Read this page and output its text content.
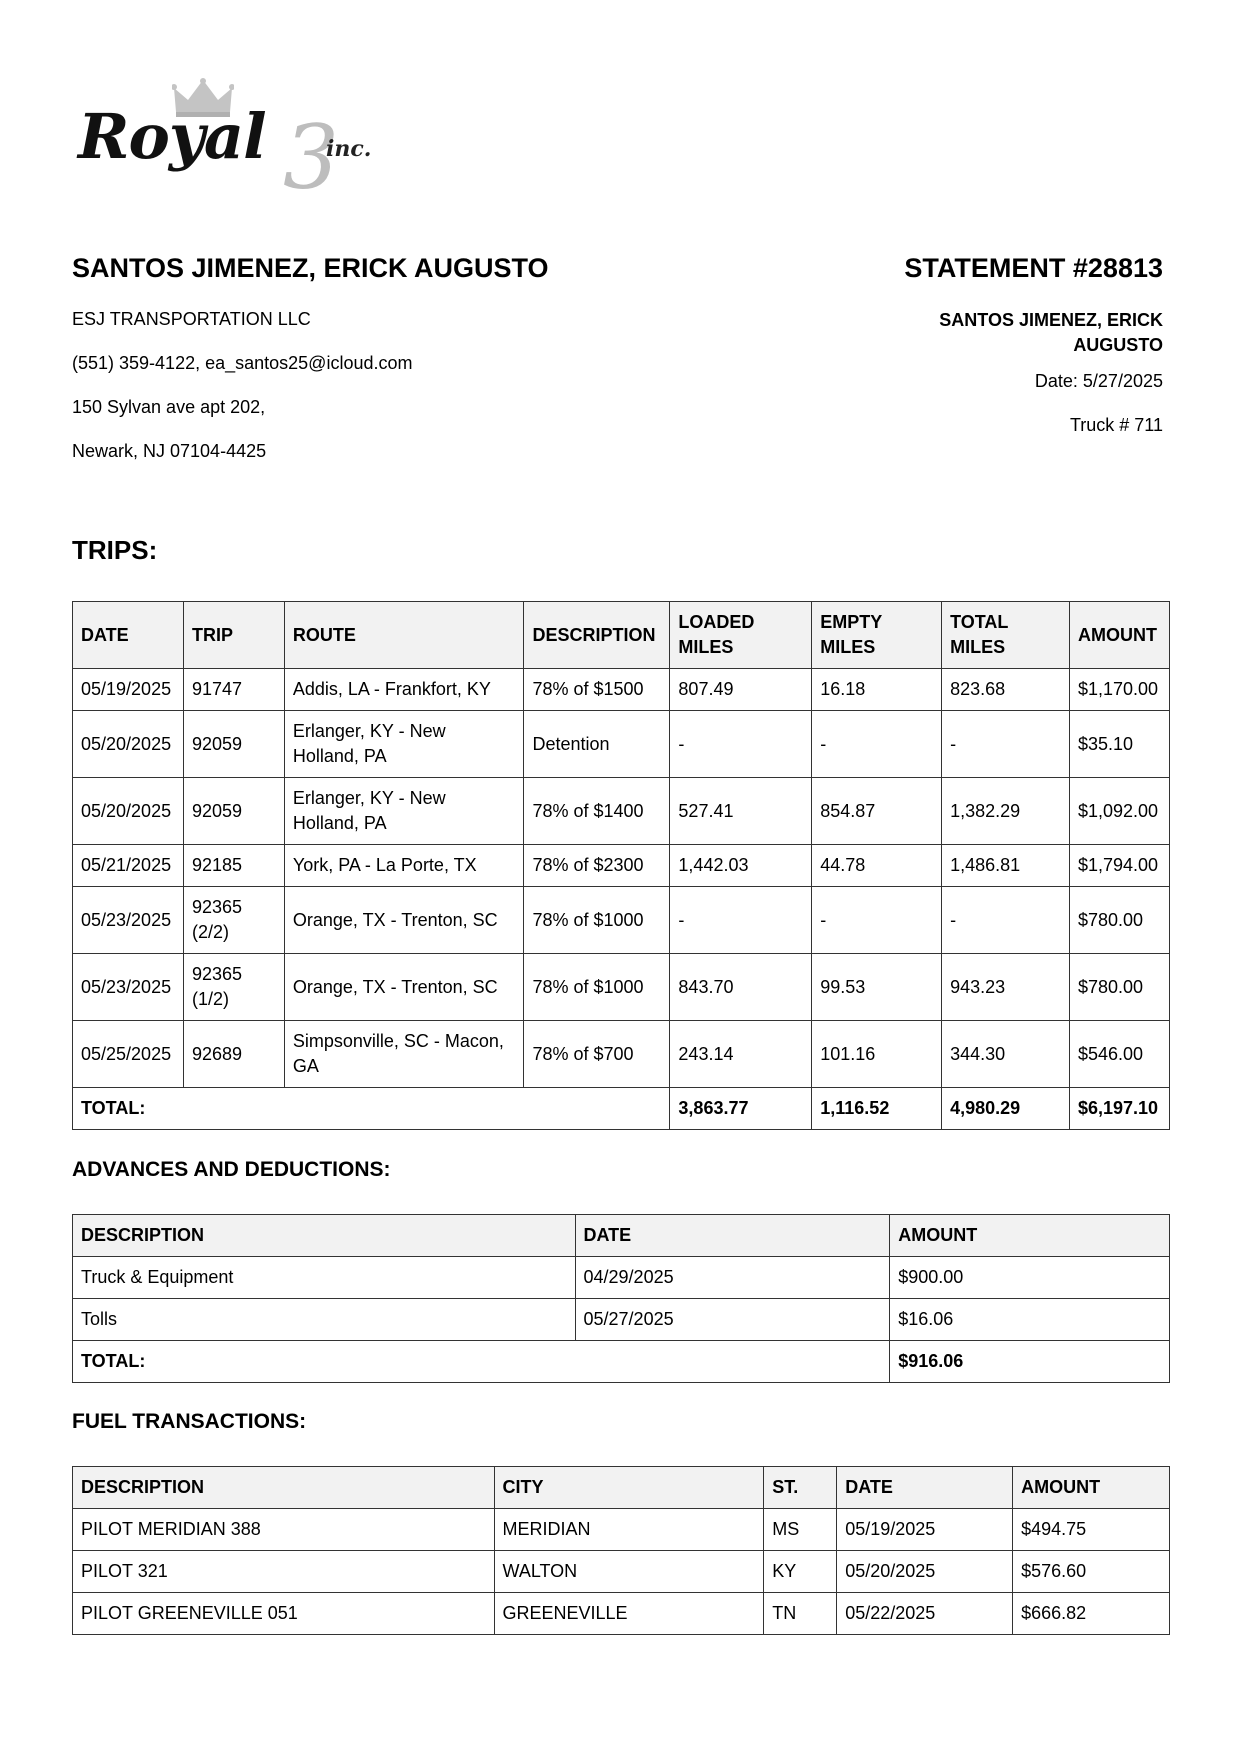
3
Royal	inc.
SANTOS JIMENEZ, ERICK AUGUSTO
ESJ TRANSPORTATION LLC
(551) 359-4122, ea_santos25@icloud.com
150 Sylvan ave apt 202,
Newark, NJ 07104-4425
STATEMENT #28813
SANTOS JIMENEZ, ERICK AUGUSTO
Date: 5/27/2025
Truck # 711
TRIPS:
DATE	TRIP	ROUTE	DESCRIPTION	LOADED MILES	EMPTY MILES	TOTAL MILES	AMOUNT
05/19/2025	91747	Addis, LA - Frankfort, KY	78% of $1500	807.49	16.18	823.68	$1,170.00
05/20/2025	92059	Erlanger, KY - New Holland, PA	Detention	-	-	-	$35.10
05/20/2025	92059	Erlanger, KY - New Holland, PA	78% of $1400	527.41	854.87	1,382.29	$1,092.00
05/21/2025	92185	York, PA - La Porte, TX	78% of $2300	1,442.03	44.78	1,486.81	$1,794.00
05/23/2025	92365 (2/2)	Orange, TX - Trenton, SC	78% of $1000	-	-	-	$780.00
05/23/2025	92365 (1/2)	Orange, TX - Trenton, SC	78% of $1000	843.70	99.53	943.23	$780.00
05/25/2025	92689	Simpsonville, SC - Macon, GA	78% of $700	243.14	101.16	344.30	$546.00
TOTAL:				3,863.77	1,116.52	4,980.29	$6,197.10
ADVANCES AND DEDUCTIONS:
DESCRIPTION	DATE	AMOUNT
Truck & Equipment	04/29/2025	$900.00
Tolls	05/27/2025	$16.06
TOTAL:		$916.06
FUEL TRANSACTIONS:
DESCRIPTION	CITY	ST.	DATE	AMOUNT
PILOT MERIDIAN 388	MERIDIAN	MS	05/19/2025	$494.75
PILOT 321	WALTON	KY	05/20/2025	$576.60
PILOT GREENEVILLE 051	GREENEVILLE	TN	05/22/2025	$666.82
